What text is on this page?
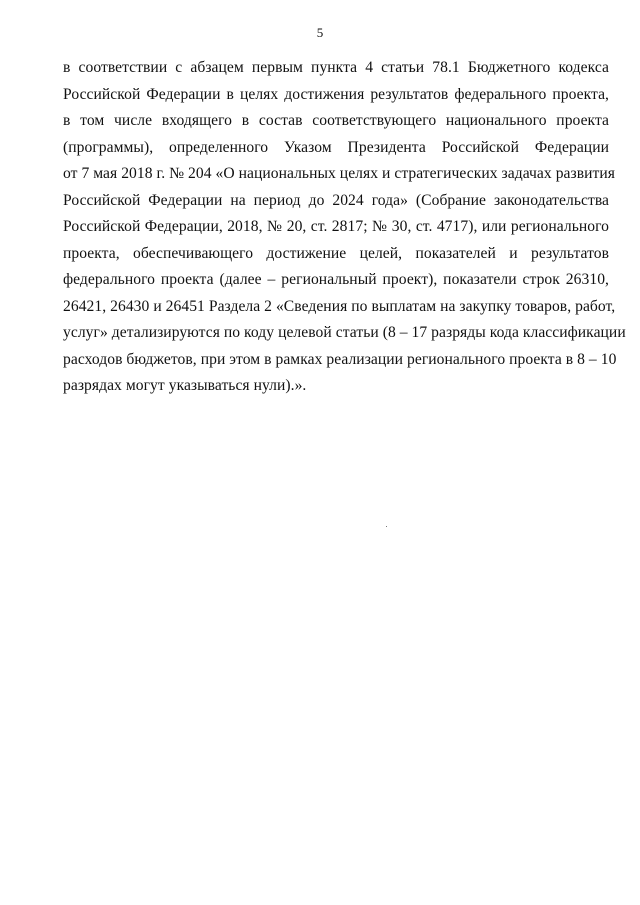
5
в соответствии с абзацем первым пункта 4 статьи 78.1 Бюджетного кодекса
Российской Федерации в целях достижения результатов федерального проекта,
в том числе входящего в состав соответствующего национального проекта
(программы), определенного Указом Президента Российской Федерации
от 7 мая 2018 г. № 204 «О национальных целях и стратегических задачах развития
Российской Федерации на период до 2024 года» (Собрание законодательства
Российской Федерации, 2018, № 20, ст. 2817; № 30, ст. 4717), или регионального
проекта, обеспечивающего достижение целей, показателей и результатов
федерального проекта (далее – региональный проект), показатели строк 26310,
26421, 26430 и 26451 Раздела 2 «Сведения по выплатам на закупку товаров, работ,
услуг» детализируются по коду целевой статьи (8 – 17 разряды кода классификации
расходов бюджетов, при этом в рамках реализации регионального проекта в 8 – 10
разрядах могут указываться нули).».
